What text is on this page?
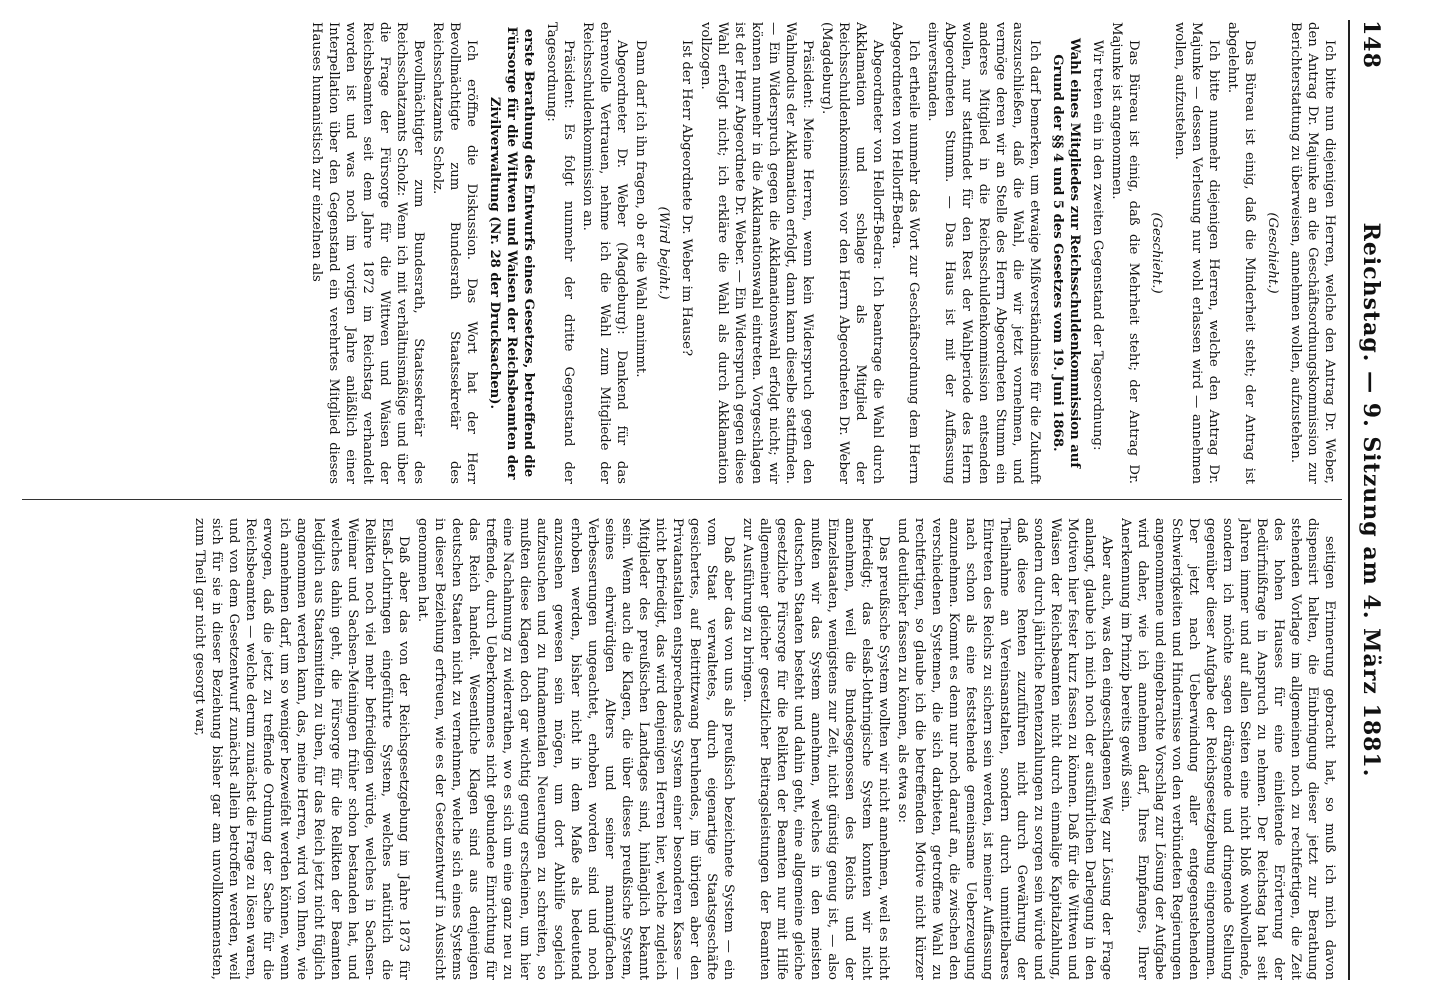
148
Reichstag. — 9. Sitzung am 4. März 1881.

Ich bitte nun diejenigen Herren, welche den Antrag Dr. Weber, den Antrag Dr. Majunke an die Geschäftsordnungskommission zur Berichterstattung zu überweisen, annehmen wollen, aufzustehen.

(Geschieht.)

Das Büreau ist einig, daß die Minderheit steht; der Antrag ist abgelehnt.

Ich bitte nunmehr diejenigen Herren, welche den Antrag Dr. Majunke — dessen Verlesung nur wohl erlassen wird — annehmen wollen, aufzustehen.

(Geschieht.)

Das Büreau ist einig, daß die Mehrheit steht; der Antrag Dr. Majunke ist angenommen.

Wir treten ein in den zweiten Gegenstand der Tagesordnung:

Wahl eines Mitgliedes zur Reichsschuldenkommission auf Grund der §§ 4 und 5 des Gesetzes vom 19. Juni 1868.

Ich darf bemerken, um etwaige Mißverständnisse für die Zukunft auszuschließen, daß die Wahl, die wir jetzt vornehmen, und vermöge deren wir an Stelle des Herrn Abgeordneten Stumm ein anderes Mitglied in die Reichsschuldenkommission entsenden wollen, nur stattfindet für den Rest der Wahlperiode des Herrn Abgeordneten Stumm. — Das Haus ist mit der Auffassung einverstanden.

Ich ertheile nunmehr das Wort zur Geschäftsordnung dem Herrn Abgeordneten von Hellorff-Bedra.

Abgeordneter von Hellorff-Bedra: Ich beantrage die Wahl durch Akklamation und schlage als Mitglied der Reichsschuldenkommission vor den Herrn Abgeordneten Dr. Weber (Magdeburg).

Präsident: Meine Herren, wenn kein Widerspruch gegen den Wahlmodus der Akklamation erfolgt, dann kann dieselbe stattfinden. — Ein Widerspruch gegen die Akklamationswahl erfolgt nicht; wir können nunmehr in die Akklamationswahl eintreten. Vorgeschlagen ist der Herr Abgeordnete Dr. Weber. — Ein Widerspruch gegen diese Wahl erfolgt nicht; ich erkläre die Wahl als durch Akklamation vollzogen.

Ist der Herr Abgeordnete Dr. Weber im Hause?

(Wird bejaht.)

Dann darf ich ihn fragen, ob er die Wahl annimmt.

Abgeordneter Dr. Weber (Magdeburg): Dankend für das ehrenvolle Vertrauen, nehme ich die Wahl zum Mitgliede der Reichsschuldenkommission an.

Präsident: Es folgt nunmehr der dritte Gegenstand der Tagesordnung:

erste Berathung des Entwurfs eines Gesetzes, betreffend die Fürsorge für die Wittwen und Waisen der Reichsbeamten der Zivilverwaltung (Nr. 28 der Drucksachen).

Ich eröffne die Diskussion. Das Wort hat der Herr Bevollmächtigte zum Bundesrath Staatssekretär des Reichsschatzamts Scholz.

Bevollmächtigter zum Bundesrath, Staatssekretär des Reichsschatzamts Scholz: Wenn ich mit verhältnismäßige und über die Frage der Fürsorge für die Wittwen und Waisen der Reichsbeamten seit dem Jahre 1872 im Reichstag verhandelt worden ist und was noch im vorigen Jahre anläßlich einer Interpellation über den Gegenstand ein verehrtes Mitglied dieses Hauses humanistisch zur einzelnen als

seitigen Erinnerung gebracht hat, so muß ich mich davon dispensirt halten, die Einbringung dieser jetzt zur Berathung stehenden Vorlage im allgemeinen noch zu rechtfertigen, die Zeit des hohen Hauses für eine einleitende Erörterung der Bedürfnißfrage in Anspruch zu nehmen. Der Reichstag hat seit Jahren immer und auf allen Seiten eine nicht bloß wohlwollende, sondern ich möchte sagen drängende und dringende Stellung gegenüber dieser Aufgabe der Reichsgesetzgebung eingenommen. Der jetzt nach Ueberwindung aller entgegenstehenden Schwierigkeiten und Hindernisse von den verbündeten Regierungen angenommene und eingebrachte Vorschlag zur Lösung der Aufgabe wird daher, wie ich annehmen darf, Ihres Empfanges, Ihrer Anerkennung im Prinzip bereits gewiß sein.

Aber auch, was den eingeschlagenen Weg zur Lösung der Frage anlangt, glaube ich mich noch der ausführlichen Darlegung in den Motiven hier fester kurz fassen zu können. Daß für die Wittwen und Waisen der Reichsbeamten nicht durch einmalige Kapitalzahlung, sondern durch jährliche Rentenzahlungen zu sorgen sein würde und daß diese Renten zuzuführen nicht durch Gewährung der Theilnahme an Vereinsanstalten, sondern durch unmittelbares Eintreten des Reichs zu sichern sein werden, ist meiner Auffassung nach schon als eine feststehende gemeinsame Ueberzeugung anzunehmen. Kommt es denn nur noch darauf an, die zwischen den verschiedenen Systemen, die sich darbieten, getroffene Wahl zu rechtfertigen, so glaube ich die betreffenden Motive nicht kürzer und deutlicher fassen zu können, als etwa so:

Das preußische System wollten wir nicht annehmen, weil es nicht befriedigt; das elsaß-lothringische System konnten wir nicht annehmen, weil die Bundesgenossen des Reichs und der Einzelstaaten, wenigstens zur Zeit, nicht günstig genug ist, — also mußten wir das System annehmen, welches in den meisten deutschen Staaten besteht und dahin geht, eine allgemeine gleiche gesetzliche Fürsorge für die Relikten der Beamten nur mit Hilfe allgemeiner gleicher gesetzlicher Beitragsleistungen der Beamten zur Ausführung zu bringen.

Daß aber das von uns als preußisch bezeichnete System — ein vom Staat verwaltetes, durch eigenartige Staatsgeschäfte gesichertes, auf Beitrittzwang beruhendes, im übrigen aber den Privatanstalten entsprechendes System einer besonderen Kasse — nicht befriedigt, das wird denjenigen Herren hier, welche zugleich Mitglieder des preußischen Landtages sind, hinlänglich bekannt sein. Wenn auch die Klagen, die über dieses preußische System, seines ehrwürdigen Alters und seiner mannigfachen Verbesserungen ungeachtet, erhoben worden sind und noch erhoben werden, bisher nicht in dem Maße als bedeutend anzusehen gewesen sein mögen, um dort Abhilfe sogleich aufzusuchen und zu fundamentalen Neuerungen zu schreiten, so mußten diese Klagen doch gar wichtig genug erscheinen, um hier eine Nachahmung zu widerrathen, wo es sich um eine ganz neu zu treffende, durch Ueberkommenes nicht gebundene Einrichtung für das Reich handelt. Wesentliche Klagen sind aus denjenigen deutschen Staaten nicht zu vernehmen, welche sich eines Systems in dieser Beziehung erfreuen, wie es der Gesetzentwurf in Aussicht genommen hat.

Daß aber das von der Reichsgesetzgebung im Jahre 1873 für Elsaß-Lothringen eingeführte System, welches natürlich die Relikten noch viel mehr befriedigen würde, welches in Sachsen-Weimar und Sachsen-Meiningen früher schon bestanden hat, und welches dahin geht, die Fürsorge für die Relikten der Beamten lediglich aus Staatsmitteln zu üben, für das Reich jetzt nicht füglich angenommen werden kann, das, meine Herren, wird von Ihnen, wie ich annehmen darf, um so weniger bezweifelt werden können, wenn erwogen, daß die jetzt zu treffende Ordnung der Sache für die Reichsbeamten — welche derum zunächst die Frage zu lösen waren, und von dem Gesetzentwurf zunächst allein betroffen werden, weil sich für sie in dieser Beziehung bisher gar am unvollkommensten, zum Theil gar nicht gesorgt war,
